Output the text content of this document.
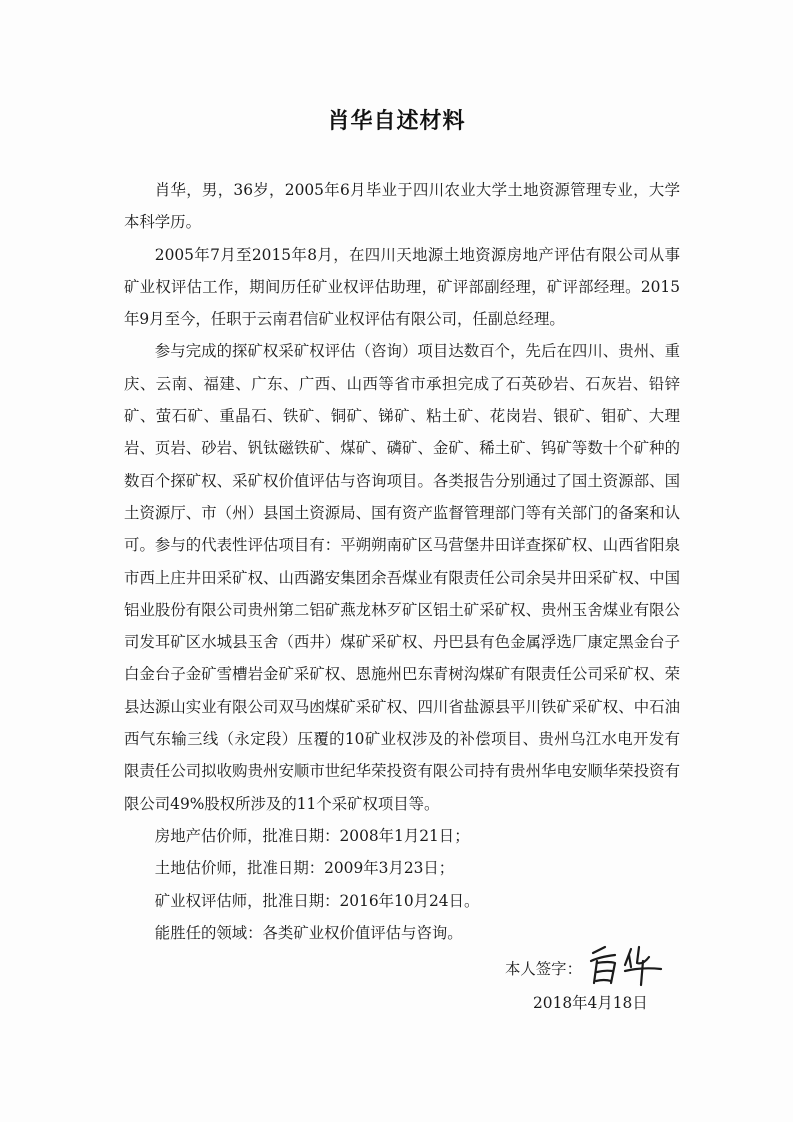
肖华自述材料

肖华，男，36岁，2005年6月毕业于四川农业大学土地资源管理专业，大学本科学历。

2005年7月至2015年8月，在四川天地源土地资源房地产评估有限公司从事矿业权评估工作，期间历任矿业权评估助理，矿评部副经理，矿评部经理。2015年9月至今，任职于云南君信矿业权评估有限公司，任副总经理。

参与完成的探矿权采矿权评估（咨询）项目达数百个，先后在四川、贵州、重庆、云南、福建、广东、广西、山西等省市承担完成了石英砂岩、石灰岩、铅锌矿、萤石矿、重晶石、铁矿、铜矿、锑矿、粘土矿、花岗岩、银矿、钼矿、大理岩、页岩、砂岩、钒钛磁铁矿、煤矿、磷矿、金矿、稀土矿、钨矿等数十个矿种的数百个探矿权、采矿权价值评估与咨询项目。各类报告分别通过了国土资源部、国土资源厅、市（州）县国土资源局、国有资产监督管理部门等有关部门的备案和认可。参与的代表性评估项目有：平朔朔南矿区马营堡井田详查探矿权、山西省阳泉市西上庄井田采矿权、山西潞安集团余吾煤业有限责任公司余吴井田采矿权、中国铝业股份有限公司贵州第二铝矿燕龙林歹矿区铝土矿采矿权、贵州玉舍煤业有限公司发耳矿区水城县玉舍（西井）煤矿采矿权、丹巴县有色金属浮选厂康定黑金台子白金台子金矿雪槽岩金矿采矿权、恩施州巴东青树沟煤矿有限责任公司采矿权、荣县达源山实业有限公司双马凼煤矿采矿权、四川省盐源县平川铁矿采矿权、中石油西气东输三线（永定段）压覆的10矿业权涉及的补偿项目、贵州乌江水电开发有限责任公司拟收购贵州安顺市世纪华荣投资有限公司持有贵州华电安顺华荣投资有限公司49%股权所涉及的11个采矿权项目等。

房地产估价师，批准日期：2008年1月21日；

土地估价师，批准日期：2009年3月23日；

矿业权评估师，批准日期：2016年10月24日。

能胜任的领域：各类矿业权价值评估与咨询。

本人签字：
2018年4月18日
